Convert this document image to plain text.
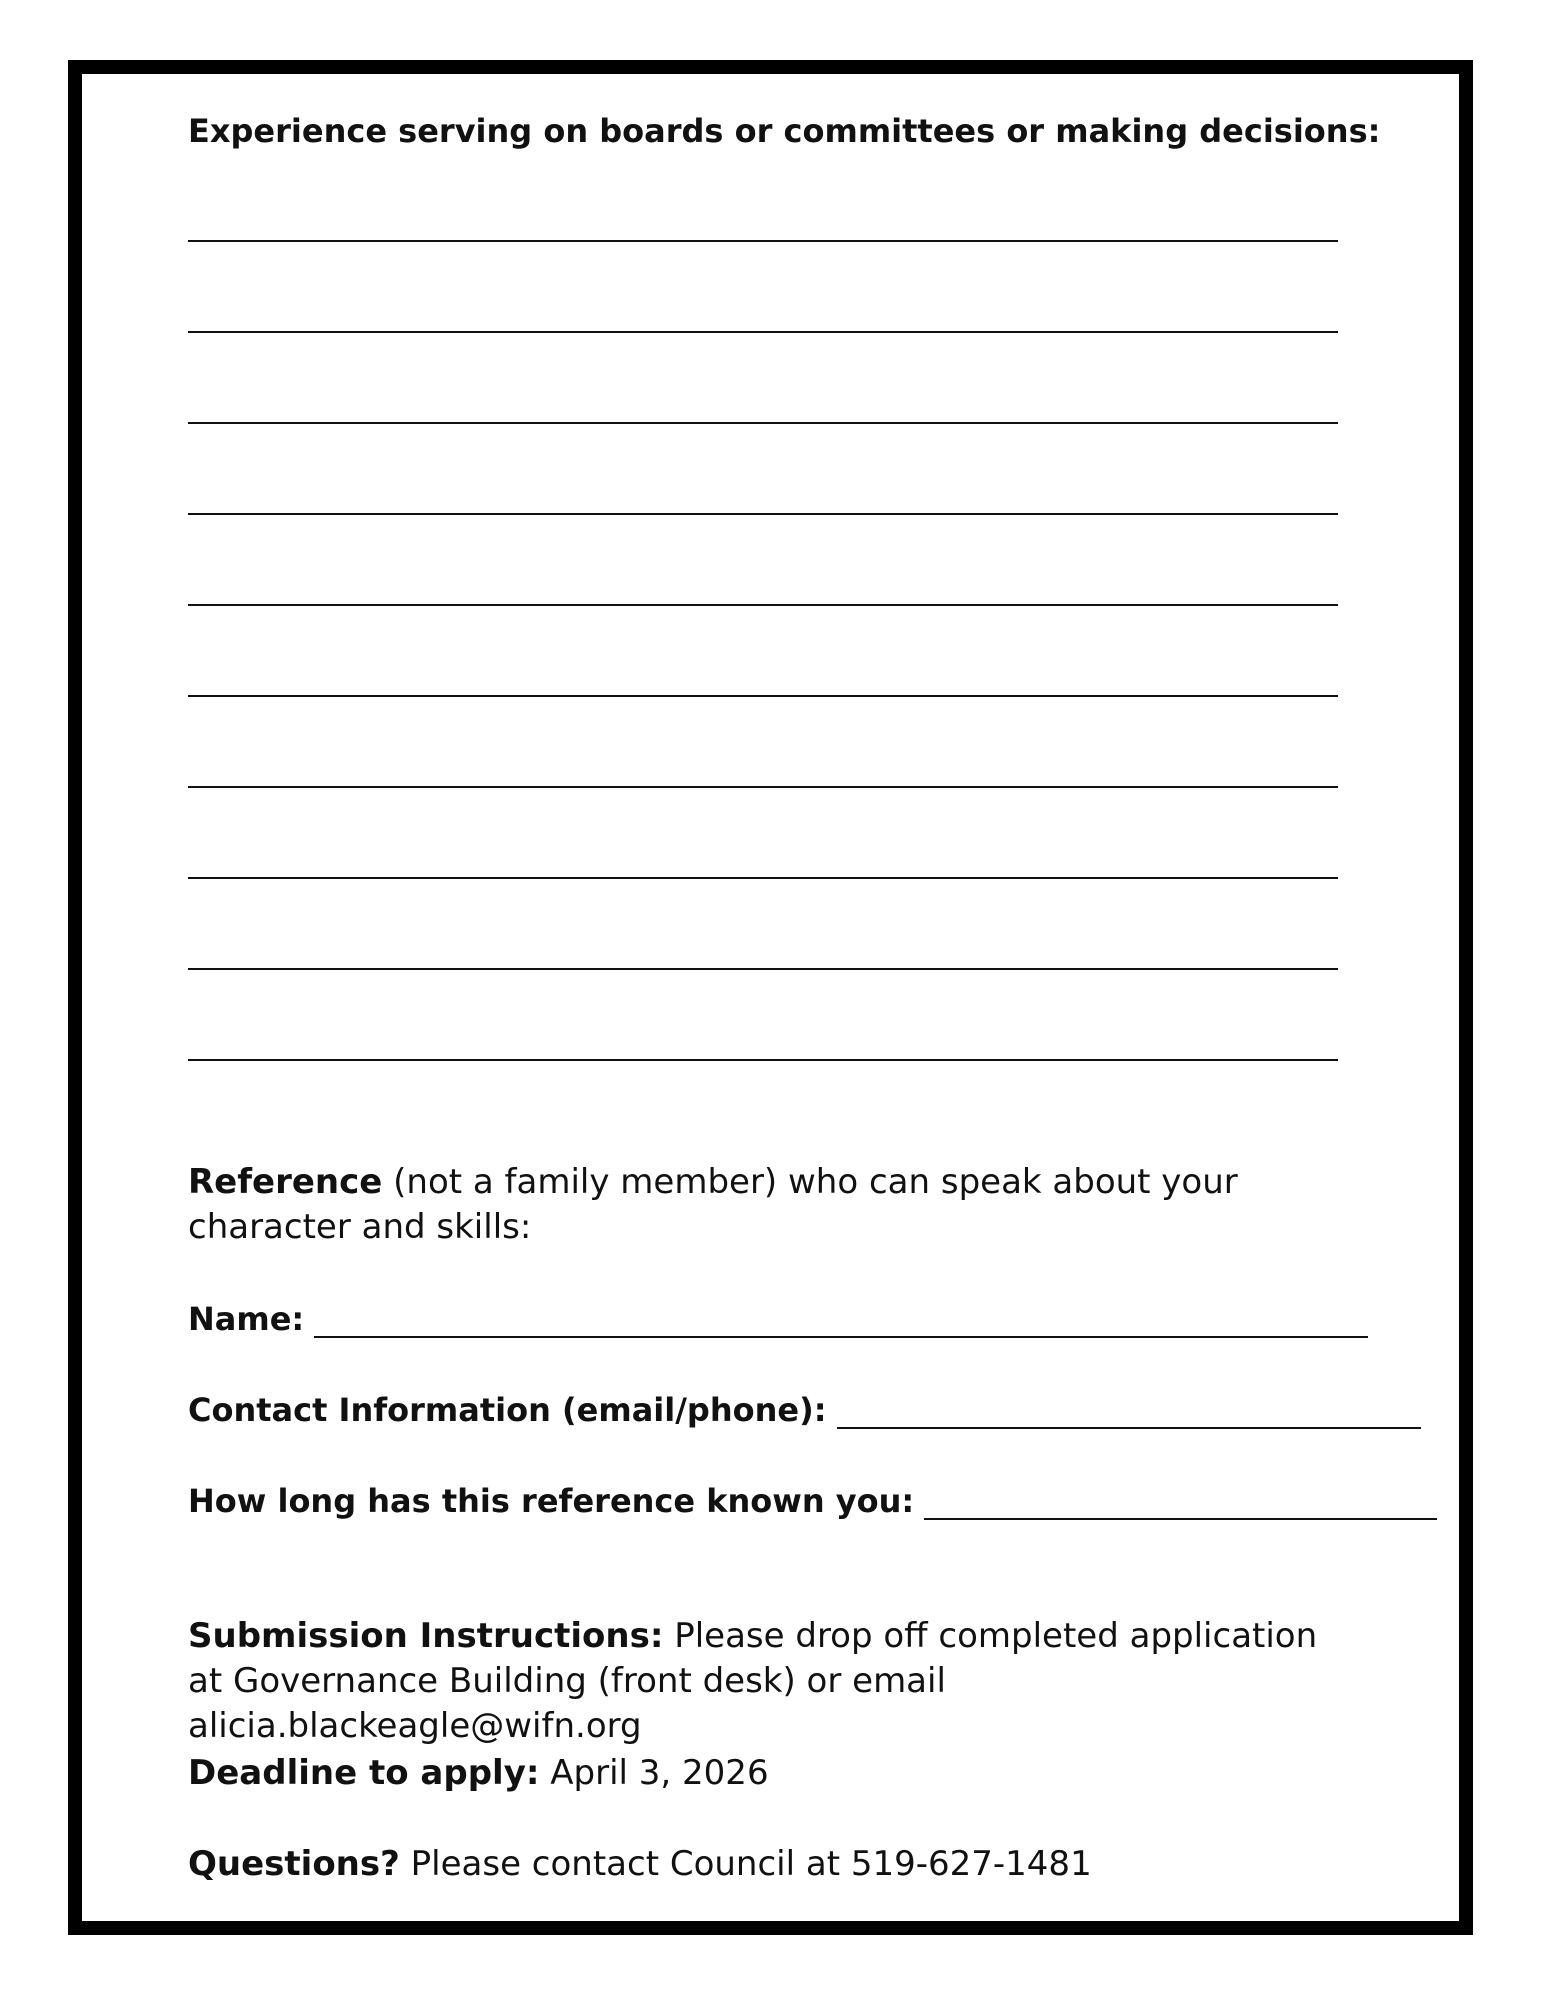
Experience serving on boards or committees or making decisions:
Reference (not a family member) who can speak about your character and skills:
Name:
Contact Information (email/phone):
How long has this reference known you:
Submission Instructions: Please drop off completed application at Governance Building (front desk) or email alicia.blackeagle@wifn.org
Deadline to apply: April 3, 2026
Questions? Please contact Council at 519-627-1481
